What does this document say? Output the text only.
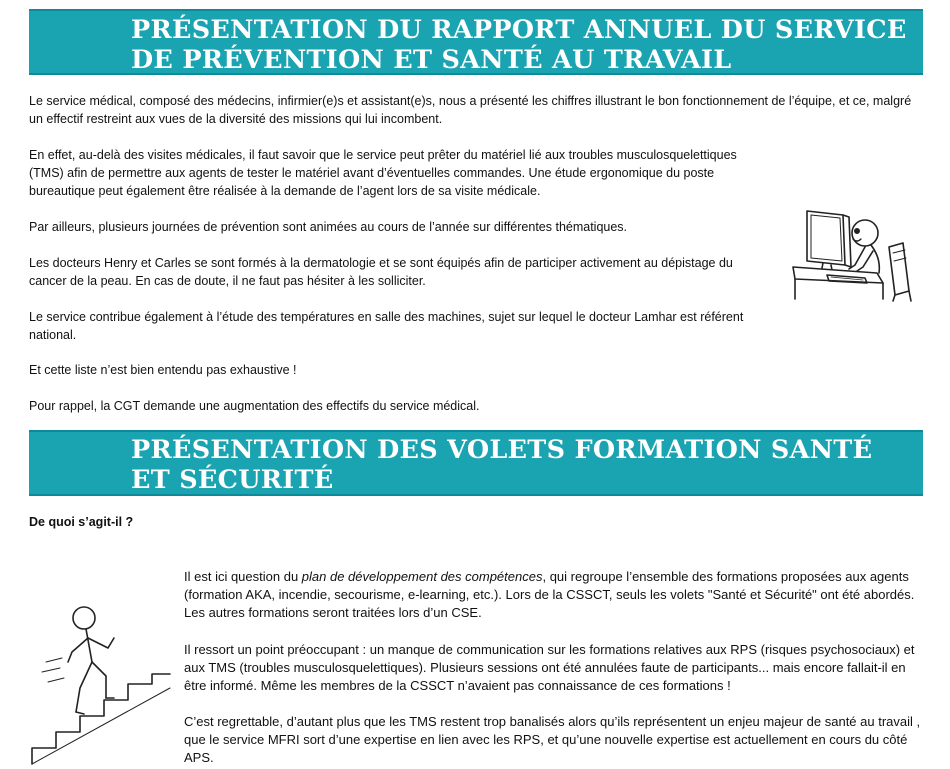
PRÉSENTATION DU RAPPORT ANNUEL DU SERVICE
DE PRÉVENTION ET SANTÉ AU TRAVAIL

Le service médical, composé des médecins, infirmier(e)s et assistant(e)s, nous a présenté les chiffres illustrant le bon fonctionnement de l’équipe, et ce, malgré un effectif restreint aux vues de la diversité des missions qui lui incombent.

En effet, au-delà des visites médicales, il faut savoir que le service peut prêter du matériel lié aux troubles musculosquelettiques (TMS) afin de permettre aux agents de tester le matériel avant d’éventuelles commandes. Une étude ergonomique du poste bureautique peut également être réalisée à la demande de l’agent lors de sa visite médicale.

Par ailleurs, plusieurs journées de prévention sont animées au cours de l’année sur différentes thématiques.

Les docteurs Henry et Carles se sont formés à la dermatologie et se sont équipés afin de participer activement au dépistage du cancer de la peau. En cas de doute, il ne faut pas hésiter à les solliciter.

Le service contribue également à l’étude des températures en salle des machines, sujet sur lequel le docteur Lamhar est référent national.

Et cette liste n’est bien entendu pas exhaustive !

Pour rappel, la CGT demande une augmentation des effectifs du service médical.

PRÉSENTATION DES VOLETS FORMATION SANTÉ
ET SÉCURITÉ

De quoi s’agit-il ?

Il est ici question du plan de développement des compétences, qui regroupe l’ensemble des formations proposées aux agents (formation AKA, incendie, secourisme, e-learning, etc.). Lors de la CSSCT, seuls les volets "Santé et Sécurité" ont été abordés. Les autres formations seront traitées lors d’un CSE.

Il ressort un point préoccupant : un manque de communication sur les formations relatives aux RPS (risques psychosociaux) et aux TMS (troubles musculosquelettiques). Plusieurs sessions ont été annulées faute de participants... mais encore fallait-il en être informé. Même les membres de la CSSCT n’avaient pas connaissance de ces formations !

C’est regrettable, d’autant plus que les TMS restent trop banalisés alors qu’ils représentent un enjeu majeur de santé au travail , que le service MFRI sort d’une expertise en lien avec les RPS, et qu’une nouvelle expertise est actuellement en cours du côté APS.
